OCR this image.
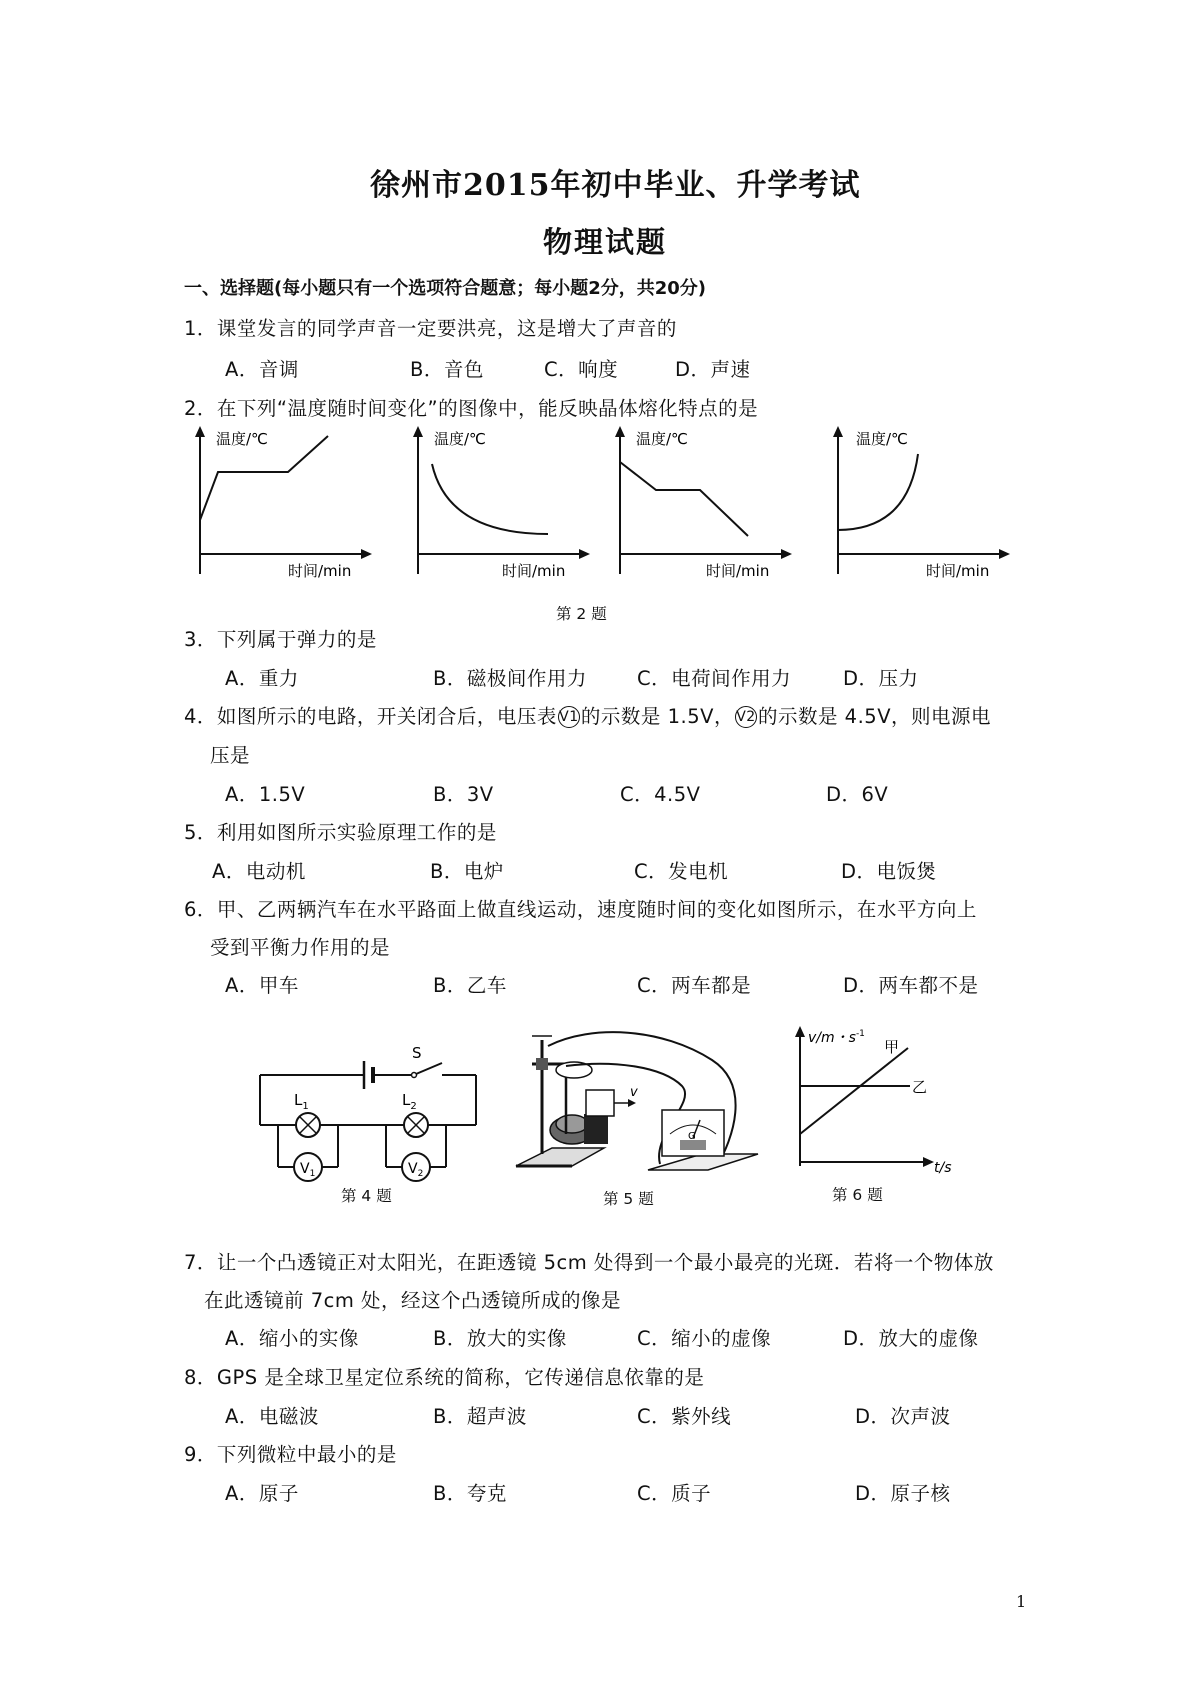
徐州市2015年初中毕业、升学考试
物理试题
一、选择题(每小题只有一个选项符合题意；每小题2分，共20分)
1．课堂发言的同学声音一定要洪亮，这是增大了声音的
A．音调	B．音色	C．响度	D．声速
2．在下列“温度随时间变化”的图像中，能反映晶体熔化特点的是
温度/℃
时间/min
温度/℃
时间/min
温度/℃
时间/min
温度/℃
时间/min
第 2 题
3．下列属于弹力的是
A．重力	B．磁极间作用力	C．电荷间作用力	D．压力
4．如图所示的电路，开关闭合后，电压表 V1 的示数是 1.5V， V2 的示数是 4.5V，则电源电
压是
A．1.5V	B．3V	C．4.5V	D．6V
5．利用如图所示实验原理工作的是
A．电动机	B．电炉	C．发电机	D．电饭煲
6．甲、乙两辆汽车在水平路面上做直线运动，速度随时间的变化如图所示，在水平方向上
受到平衡力作用的是
A．甲车	B．乙车	C．两车都是	D．两车都不是
S
$L_1$	$L_2$
$V_1$	$V_2$
第 4 题
v
G
第 5 题
v/m・$s^{-1}$
甲
乙
t/s
第 6 题
7．让一个凸透镜正对太阳光，在距透镜 5cm 处得到一个最小最亮的光斑．若将一个物体放
在此透镜前 7cm 处，经这个凸透镜所成的像是
A．缩小的实像	B．放大的实像	C．缩小的虚像	D．放大的虚像
8．GPS 是全球卫星定位系统的简称，它传递信息依靠的是
A．电磁波	B．超声波	C．紫外线	D．次声波
9．下列微粒中最小的是
A．原子	B．夸克	C．质子	D．原子核
1
